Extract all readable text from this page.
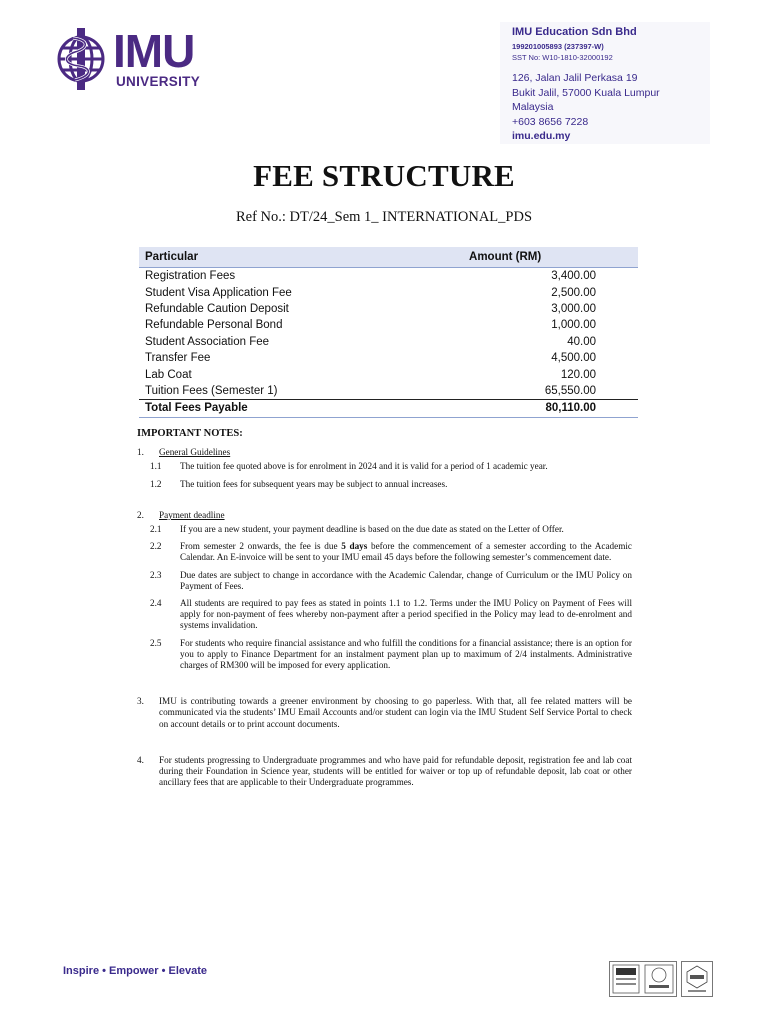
IMU
UNIVERSITY
IMU Education Sdn Bhd
199201005893 (237397-W)
SST No: W10-1810-32000192
126, Jalan Jalil Perkasa 19
Bukit Jalil, 57000 Kuala Lumpur
Malaysia
+603 8656 7228
imu.edu.my
FEE STRUCTURE
Ref No.: DT/24_Sem 1_ INTERNATIONAL_PDS
Particular	Amount (RM)
Registration Fees	3,400.00
Student Visa Application Fee	2,500.00
Refundable Caution Deposit	3,000.00
Refundable Personal Bond	1,000.00
Student Association Fee	40.00
Transfer Fee	4,500.00
Lab Coat	120.00
Tuition Fees (Semester 1)	65,550.00
Total Fees Payable	80,110.00
IMPORTANT NOTES:
1. General Guidelines
1.1 The tuition fee quoted above is for enrolment in 2024 and it is valid for a period of 1 academic year.
1.2 The tuition fees for subsequent years may be subject to annual increases.
2. Payment deadline
2.1 If you are a new student, your payment deadline is based on the due date as stated on the Letter of Offer.
2.2 From semester 2 onwards, the fee is due 5 days before the commencement of a semester according to the Academic Calendar. An E-invoice will be sent to your IMU email 45 days before the following semester’s commencement date.
2.3 Due dates are subject to change in accordance with the Academic Calendar, change of Curriculum or the IMU Policy on Payment of Fees.
2.4 All students are required to pay fees as stated in points 1.1 to 1.2. Terms under the IMU Policy on Payment of Fees will apply for non-payment of fees whereby non-payment after a period specified in the Policy may lead to de-enrolment and systems invalidation.
2.5 For students who require financial assistance and who fulfill the conditions for a financial assistance; there is an option for you to apply to Finance Department for an instalment payment plan up to maximum of 2/4 instalments. Administrative charges of RM300 will be imposed for every application.
3. IMU is contributing towards a greener environment by choosing to go paperless. With that, all fee related matters will be communicated via the students’ IMU Email Accounts and/or student can login via the IMU Student Self Service Portal to check on account details or to print account documents.
4. For students progressing to Undergraduate programmes and who have paid for refundable deposit, registration fee and lab coat during their Foundation in Science year, students will be entitled for waiver or top up of refundable deposit, lab coat or other ancillary fees that are applicable to their Undergraduate programmes.
Inspire • Empower • Elevate
